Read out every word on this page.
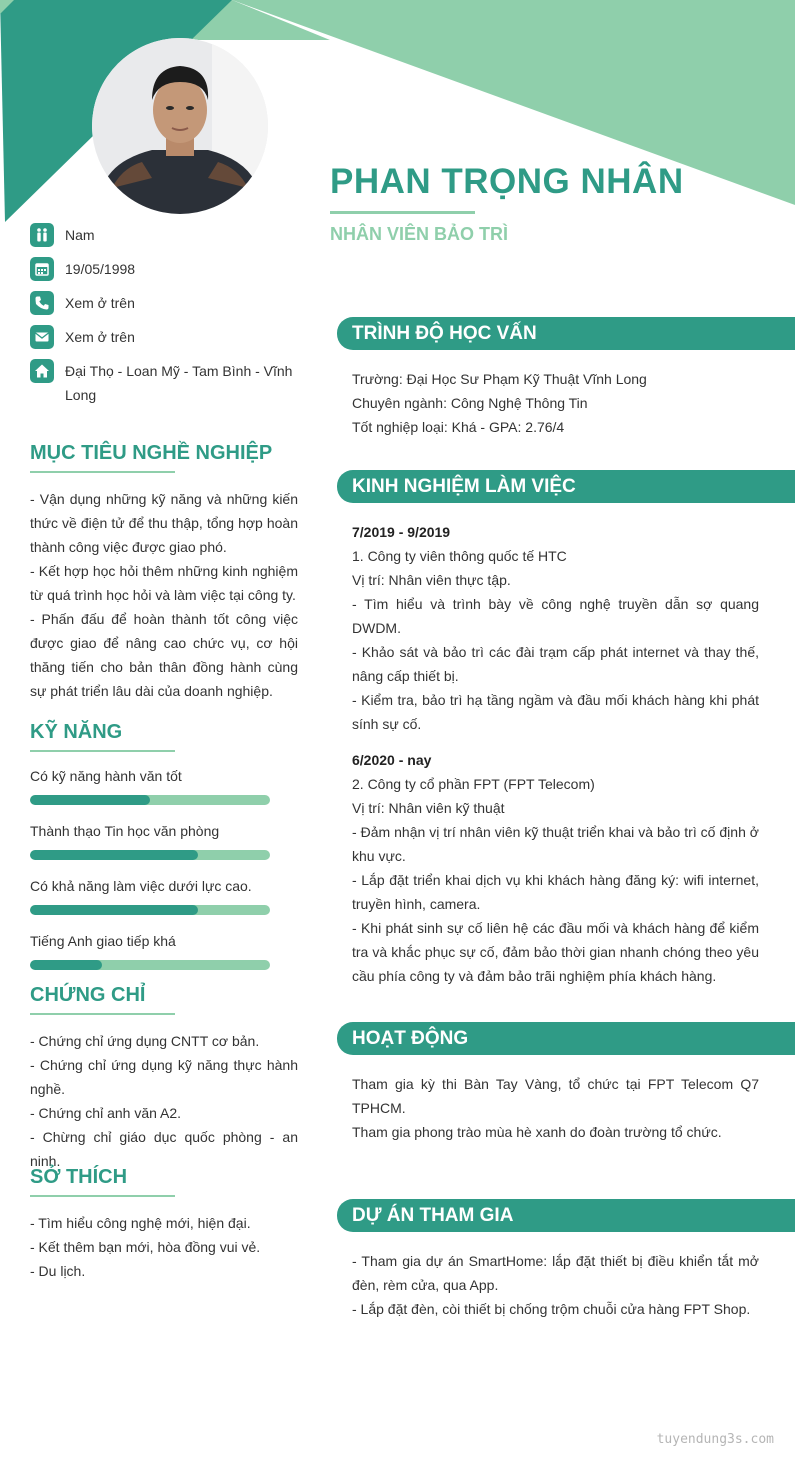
PHAN TRỌNG NHÂN
NHÂN VIÊN BẢO TRÌ
Nam
19/05/1998
Xem ở trên
Xem ở trên
Đại Thọ - Loan Mỹ - Tam Bình - Vĩnh Long
MỤC TIÊU NGHỀ NGHIỆP
- Vận dụng những kỹ năng và những kiến thức về điện tử để thu thập, tổng hợp hoàn thành công việc được giao phó.
- Kết hợp học hỏi thêm những kinh nghiệm từ quá trình học hỏi và làm việc tại công ty.
- Phấn đấu để hoàn thành tốt công việc được giao để nâng cao chức vụ, cơ hội thăng tiến cho bản thân đồng hành cùng sự phát triển lâu dài của doanh nghiệp.
KỸ NĂNG
Có kỹ năng hành văn tốt
Thành thạo Tin học văn phòng
Có khả năng làm việc dưới lực cao.
Tiếng Anh giao tiếp khá
CHỨNG CHỈ
- Chứng chỉ ứng dụng CNTT cơ bản.
- Chứng chỉ ứng dụng kỹ năng thực hành nghề.
- Chứng chỉ anh văn A2.
- Chừng chỉ giáo dục quốc phòng - an ninh.
SỞ THÍCH
- Tìm hiểu công nghệ mới, hiện đại.
- Kết thêm bạn mới, hòa đồng vui vẻ.
- Du lịch.
TRÌNH ĐỘ HỌC VẤN
Trường: Đại Học Sư Phạm Kỹ Thuật Vĩnh Long
Chuyên ngành: Công Nghệ Thông Tin
Tốt nghiệp loại: Khá - GPA: 2.76/4
KINH NGHIỆM LÀM VIỆC
7/2019 - 9/2019
1. Công ty viên thông quốc tế HTC
Vị trí: Nhân viên thực tập.
- Tìm hiểu và trình bày về công nghệ truyền dẫn sợ quang DWDM.
- Khảo sát và bảo trì các đài trạm cấp phát internet và thay thế, nâng cấp thiết bị.
- Kiểm tra, bảo trì hạ tầng ngầm và đầu mối khách hàng khi phát sính sự cố.
6/2020 - nay
2. Công ty cổ phần FPT (FPT Telecom)
Vị trí: Nhân viên kỹ thuật
- Đảm nhận vị trí nhân viên kỹ thuật triển khai và bảo trì cố định ở khu vực.
- Lắp đặt triển khai dịch vụ khi khách hàng đăng ký: wifi internet, truyền hình, camera.
- Khi phát sinh sự cố liên hệ các đầu mối và khách hàng để kiểm tra và khắc phục sự cố, đảm bảo thời gian nhanh chóng theo yêu cầu phía công ty và đảm bảo trãi nghiệm phía khách hàng.
HOẠT ĐỘNG
Tham gia kỳ thi Bàn Tay Vàng, tổ chức tại FPT Telecom Q7 TPHCM.
Tham gia phong trào mùa hè xanh do đoàn trường tổ chức.
DỰ ÁN THAM GIA
- Tham gia dự án SmartHome: lắp đặt thiết bị điều khiển tắt mở đèn, rèm cửa, qua App.
- Lắp đặt đèn, còi thiết bị chống trộm chuỗi cửa hàng FPT Shop.
tuyendung3s.com
